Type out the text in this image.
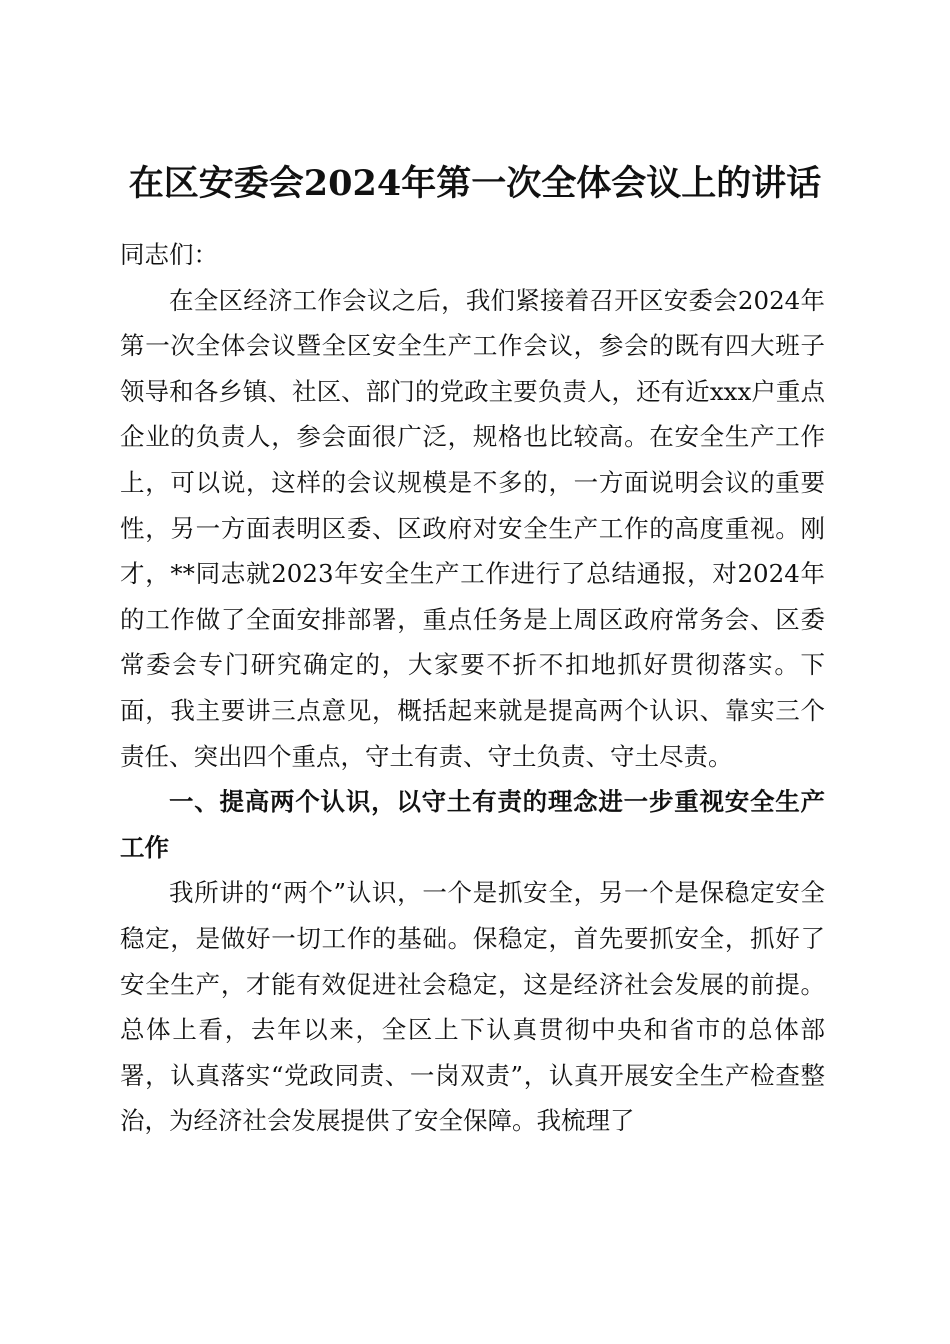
在区安委会2024年第一次全体会议上的讲话

同志们：

在全区经济工作会议之后，我们紧接着召开区安委会2024年第一次全体会议暨全区安全生产工作会议，参会的既有四大班子领导和各乡镇、社区、部门的党政主要负责人，还有近xxx户重点企业的负责人，参会面很广泛，规格也比较高。在安全生产工作上，可以说，这样的会议规模是不多的，一方面说明会议的重要性，另一方面表明区委、区政府对安全生产工作的高度重视。刚才，**同志就2023年安全生产工作进行了总结通报，对2024年的工作做了全面安排部署，重点任务是上周区政府常务会、区委常委会专门研究确定的，大家要不折不扣地抓好贯彻落实。下面，我主要讲三点意见，概括起来就是提高两个认识、靠实三个责任、突出四个重点，守土有责、守土负责、守土尽责。

一、提高两个认识，以守土有责的理念进一步重视安全生产工作

我所讲的“两个”认识，一个是抓安全，另一个是保稳定安全稳定，是做好一切工作的基础。保稳定，首先要抓安全，抓好了安全生产，才能有效促进社会稳定，这是经济社会发展的前提。总体上看，去年以来，全区上下认真贯彻中央和省市的总体部署，认真落实“党政同责、一岗双责”，认真开展安全生产检查整治，为经济社会发展提供了安全保障。我梳理了
